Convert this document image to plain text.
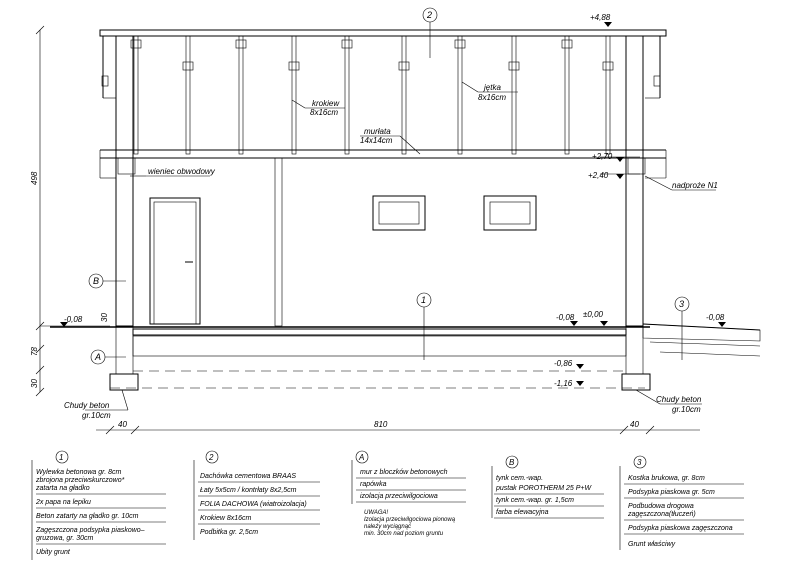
+4,88
+2,70
+2,40
-0,08
±0,00
-0,08	-0,08
-0,86
-1,16
krokiew
8x16cm
jętka
8x16cm
murłata
14x14cm
wieniec obwodowy
nadproże N1
Chudy beton
gr.10cm
Chudy beton
gr.10cm
2
1
B
A
3
498
30
78
30
40	810	40
1
Wylewka betonowa gr. 8cm
zbrojona przeciwskurczowo*
zatarta na gładko
2x papa na lepiku
Beton zatarty na gładko gr. 10cm
Zagęszczona podsypka piaskowo–
gruzowa, gr. 30cm
Ubity grunt
2
Dachówka cementowa BRAAS
Łaty 5x5cm / kontrłaty 8x2,5cm
FOLIA DACHOWA (wiatroizolacja)
Krokiew 8x16cm
Podbitka gr. 2,5cm
A
mur z bloczków betonowych
rapówka
izolacja przeciwilgociowa
UWAGA!
Izolacja przeciwilgociowa pionową
należy wyciągnąć
min. 30cm nad poziom gruntu
B
tynk cem.-wap.
pustak POROTHERM 25 P+W
tynk cem.-wap. gr. 1,5cm
farba elewacyjna
3
Kostka brukowa, gr. 8cm
Podsypka piaskowa gr. 5cm
Podbudowa drogowa
zagęszczona(tłuczeń)
Podsypka piaskowa zagęszczona
Grunt właściwy
